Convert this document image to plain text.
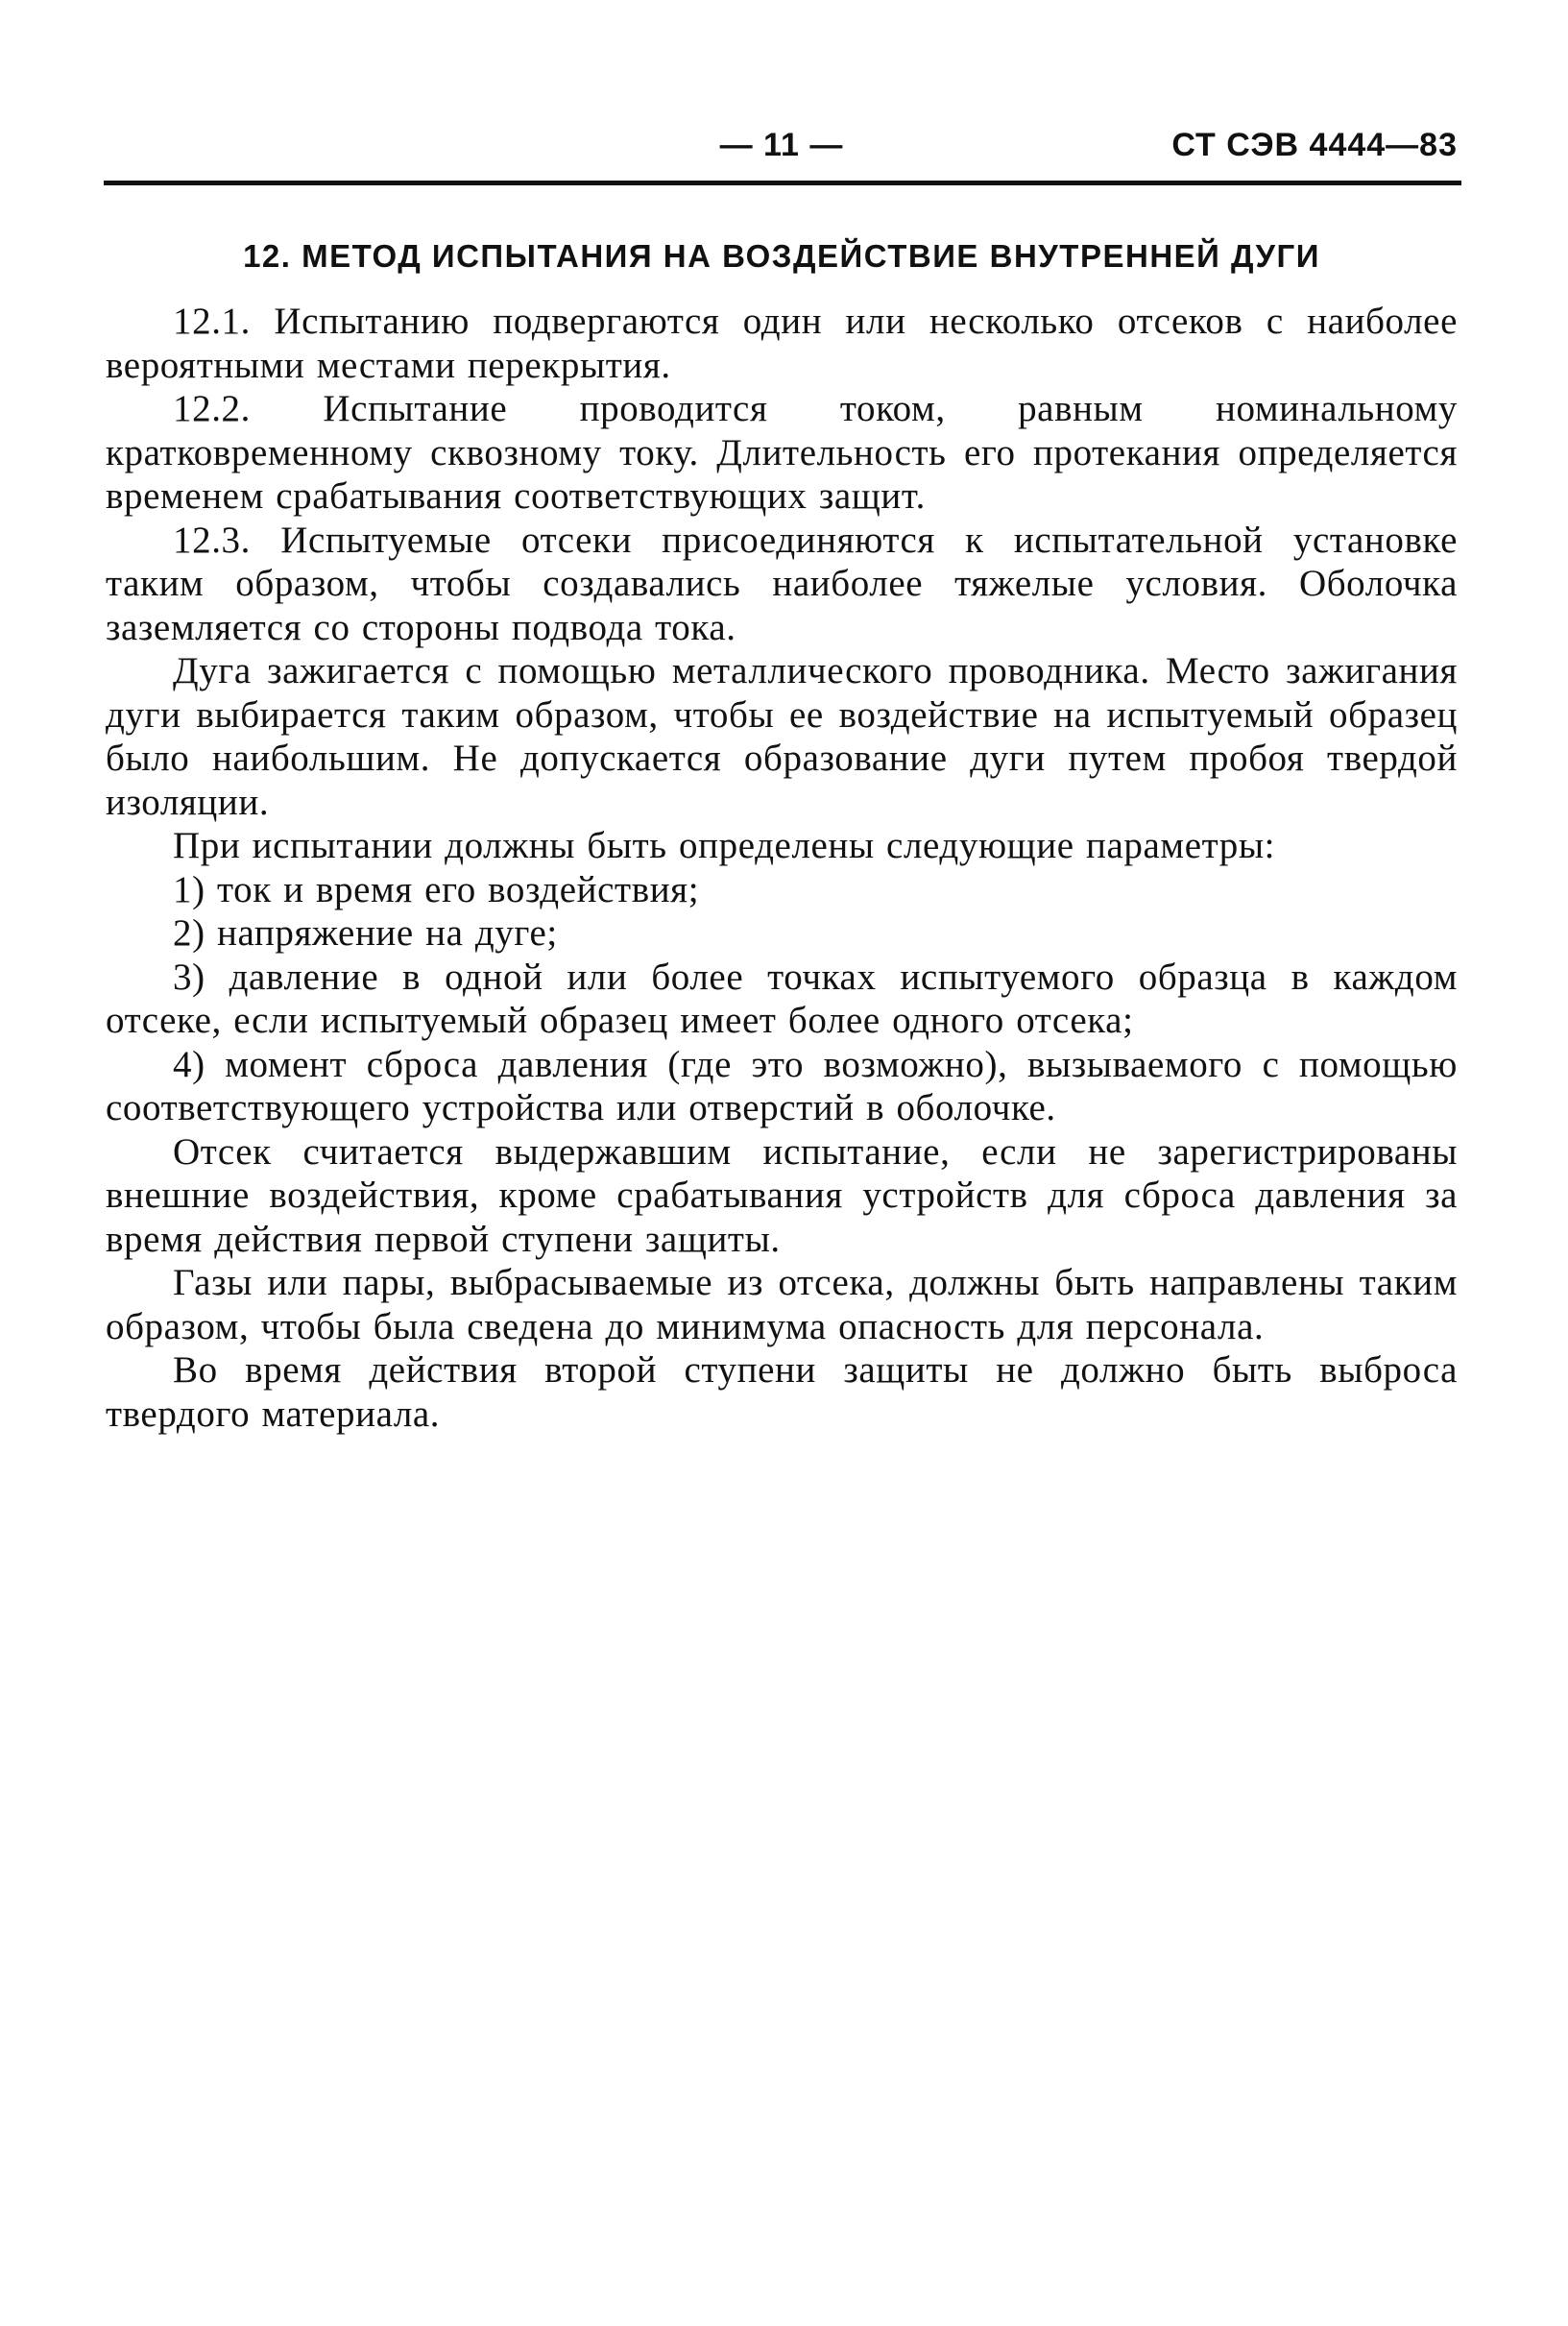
— 11 —	СТ СЭВ 4444—83
12. МЕТОД ИСПЫТАНИЯ НА ВОЗДЕЙСТВИЕ ВНУТРЕННЕЙ ДУГИ

12.1. Испытанию подвергаются один или несколько отсеков с наиболее вероятными местами перекрытия.

12.2. Испытание проводится током, равным номинальному кратковременному сквозному току. Длительность его протекания определяется временем срабатывания соответствующих защит.

12.3. Испытуемые отсеки присоединяются к испытательной установке таким образом, чтобы создавались наиболее тяжелые условия. Оболочка заземляется со стороны подвода тока.

Дуга зажигается с помощью металлического проводника. Место зажигания дуги выбирается таким образом, чтобы ее воздействие на испытуемый образец было наибольшим. Не допускается образование дуги путем пробоя твердой изоляции.

При испытании должны быть определены следующие параметры:

1) ток и время его воздействия;

2) напряжение на дуге;

3) давление в одной или более точках испытуемого образца в каждом отсеке, если испытуемый образец имеет более одного отсека;

4) момент сброса давления (где это возможно), вызываемого с помощью соответствующего устройства или отверстий в оболочке.

Отсек считается выдержавшим испытание, если не зарегистрированы внешние воздействия, кроме срабатывания устройств для сброса давления за время действия первой ступени защиты.

Газы или пары, выбрасываемые из отсека, должны быть направлены таким образом, чтобы была сведена до минимума опасность для персонала.

Во время действия второй ступени защиты не должно быть выброса твердого материала.
